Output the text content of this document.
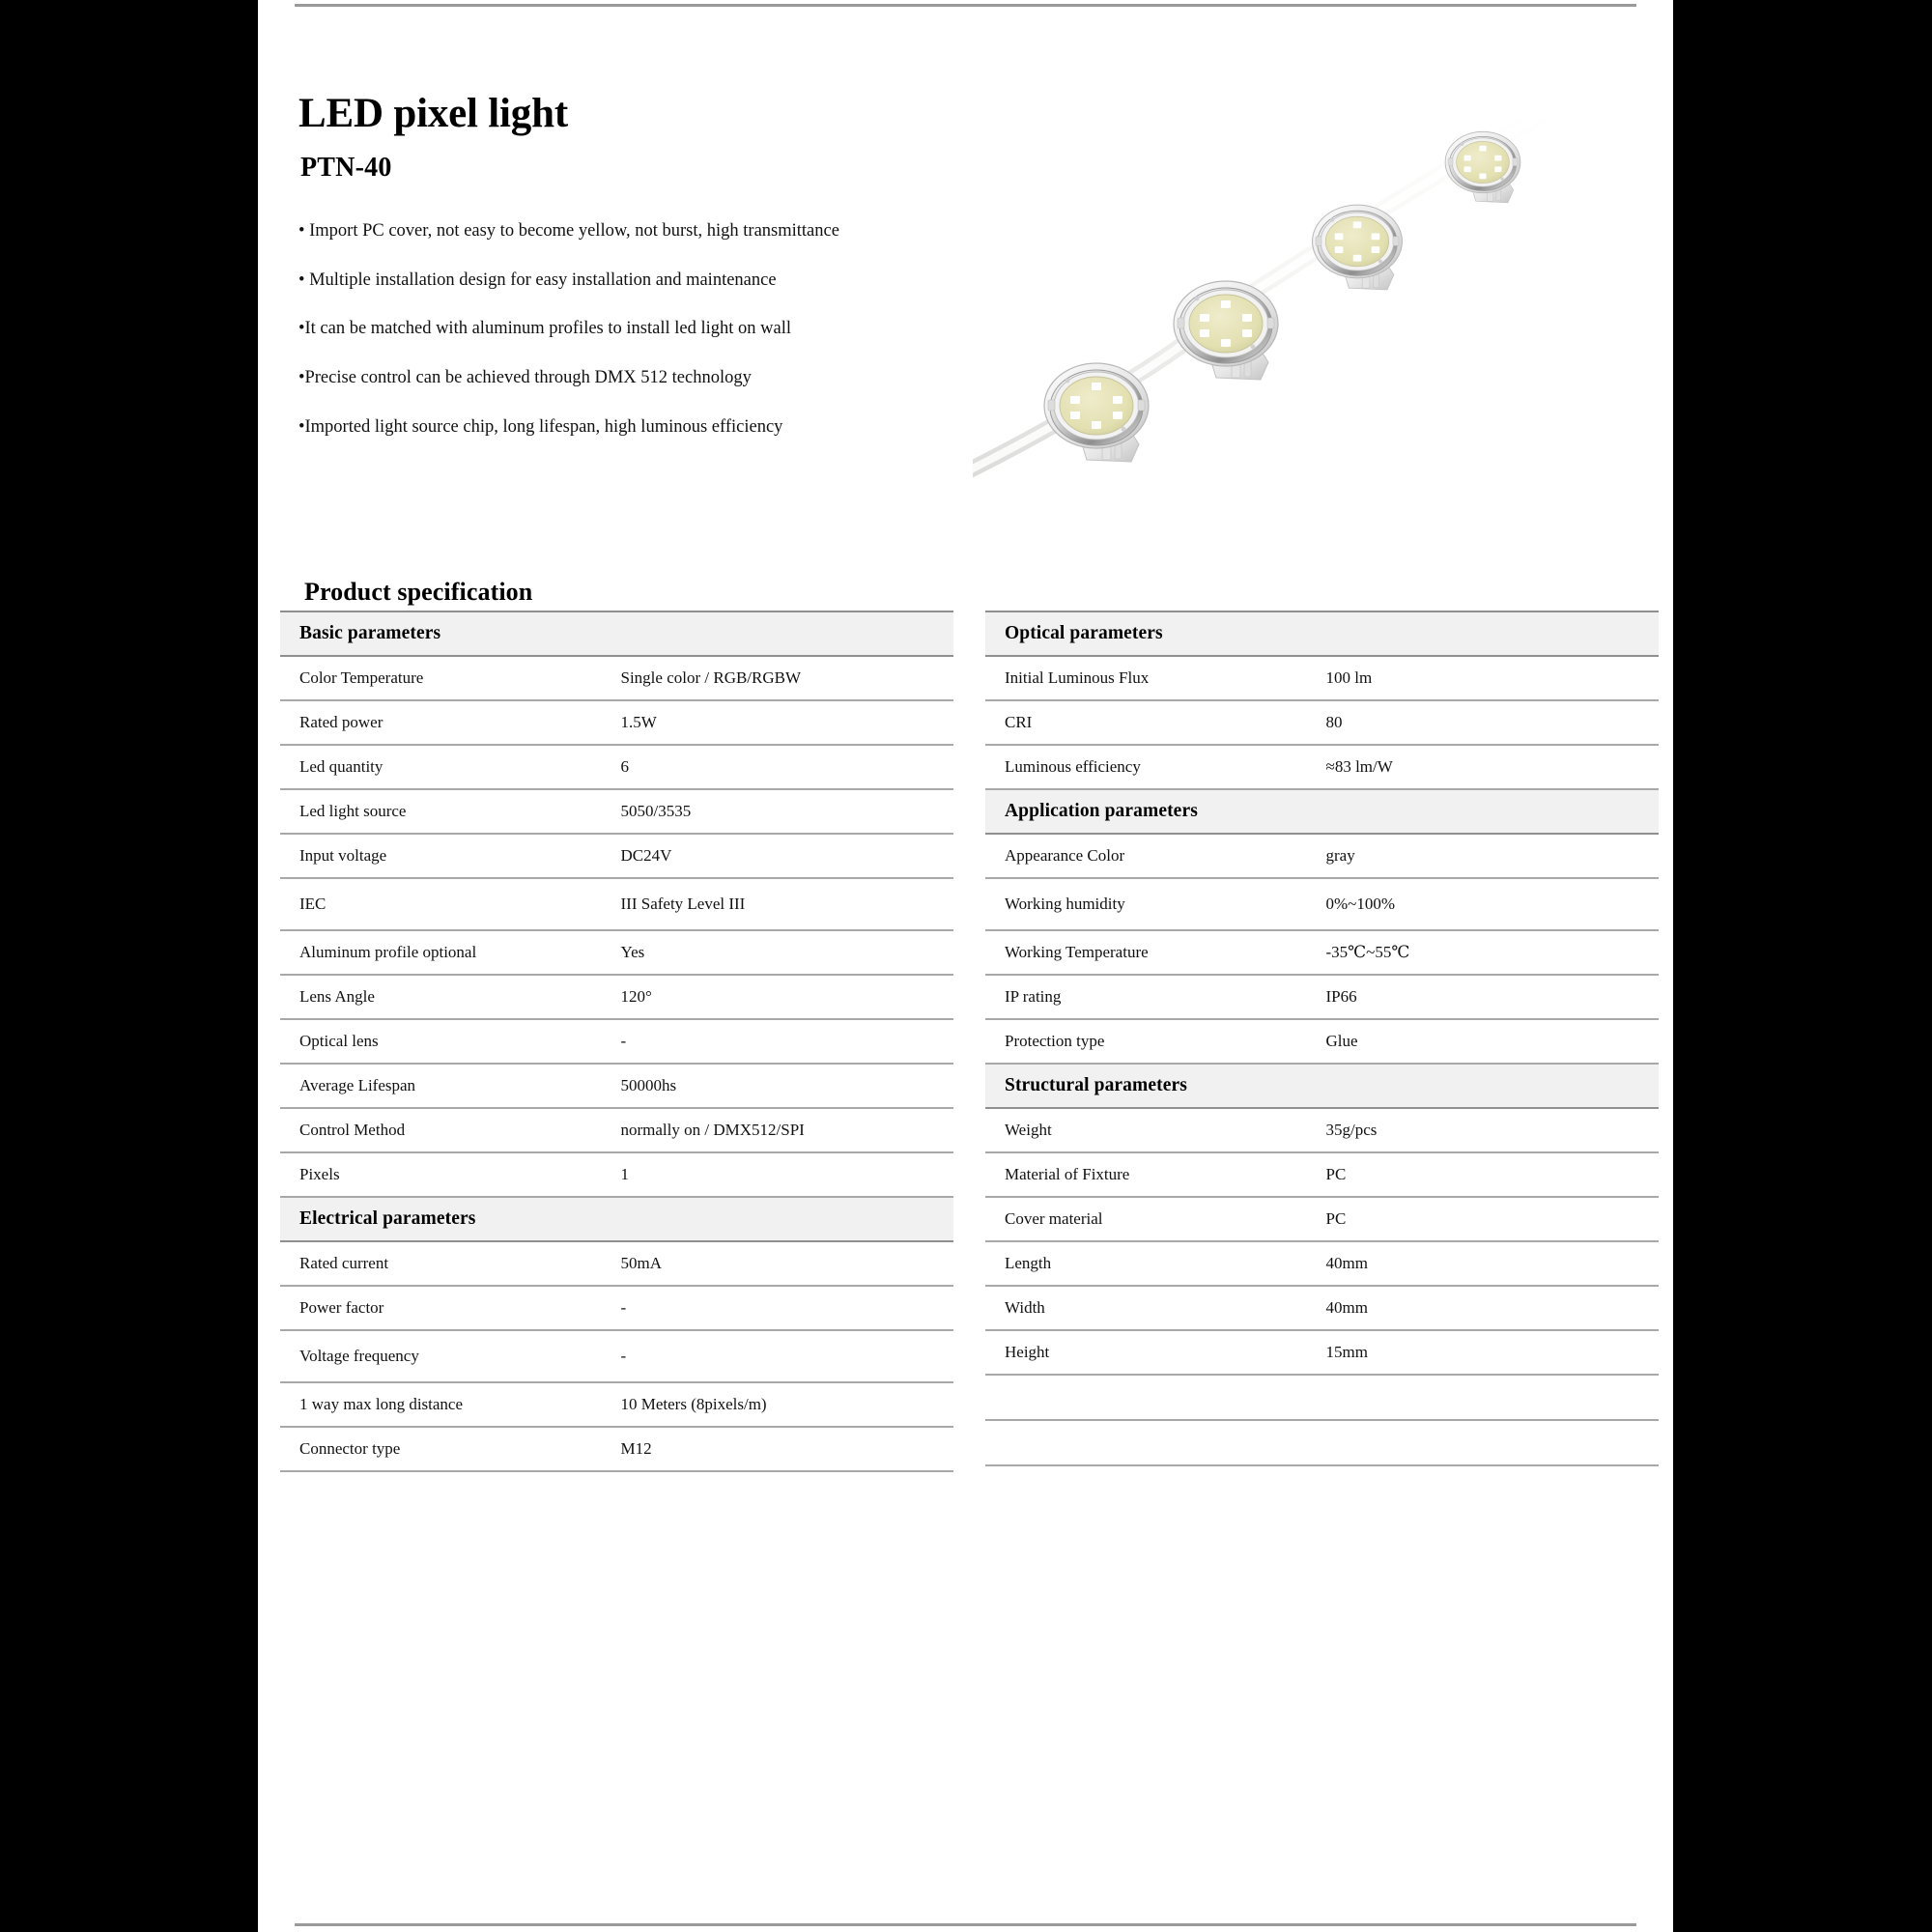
LED pixel light
PTN-40
• Import PC cover, not easy to become yellow, not burst, high transmittance
• Multiple installation design for easy installation and maintenance
•It can be matched with aluminum profiles to install led light on wall
•Precise control can be achieved through DMX 512 technology
•Imported light source chip, long lifespan, high luminous efficiency
Product specification
Basic parameters	
Color Temperature	Single color / RGB/RGBW
Rated power	1.5W
Led quantity	6
Led light source	5050/3535
Input voltage	DC24V
IEC	III Safety Level III
Aluminum profile optional	Yes
Lens Angle	120°
Optical lens	-
Average Lifespan	50000hs
Control Method	normally on / DMX512/SPI
Pixels	1
Electrical parameters	
Rated current	50mA
Power factor	-
Voltage frequency	-
1 way max long distance	10 Meters (8pixels/m)
Connector type	M12
Optical parameters	
Initial Luminous Flux	100 lm
CRI	80
Luminous efficiency	≈83 lm/W
Application parameters	
Appearance Color	gray
Working humidity	0%~100%
Working Temperature	-35℃~55℃
IP rating	IP66
Protection type	Glue
Structural parameters	
Weight	35g/pcs
Material of Fixture	PC
Cover material	PC
Length	40mm
Width	40mm
Height	15mm
